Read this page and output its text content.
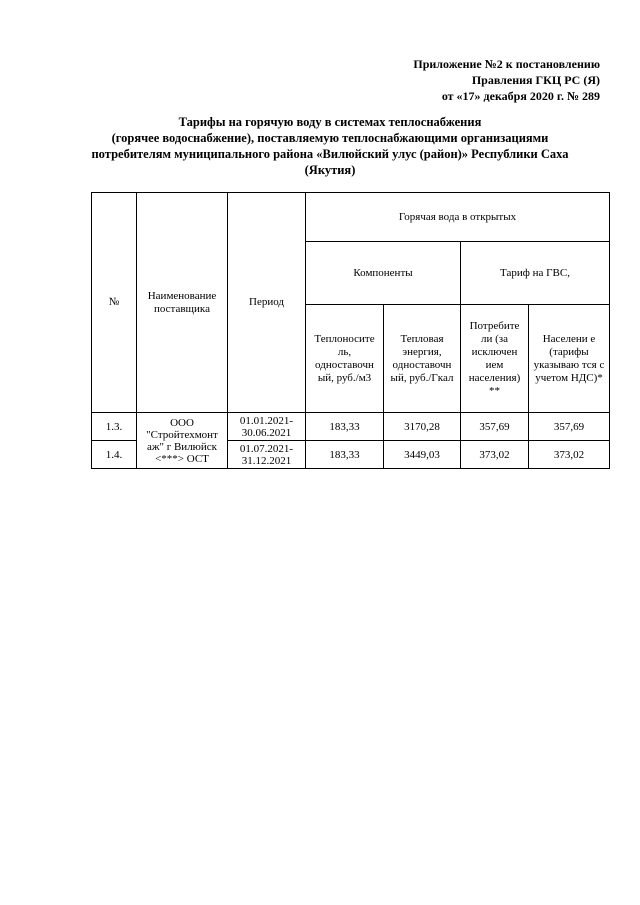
Приложение №2 к постановлению
Правления ГКЦ РС (Я)
от «17» декабря 2020 г. № 289
Тарифы на горячую воду в системах теплоснабжения
(горячее водоснабжение), поставляемую теплоснабжающими организациями
потребителям муниципального района «Вилюйский улус (район)» Республики Саха
(Якутия)
№	Наименование поставщика	Период	Горячая вода в открытых			
			Компоненты		Тариф на ГВС,	
			Теплоносите ль, одноставочн ый, руб./м3	Тепловая энергия, одноставочн ый, руб./Гкал	Потребите ли (за исключен ием населения) **	Населени е (тарифы указываю тся с учетом НДС)*
1.3.	ООО "Стройтехмонт аж" г Вилюйск <***> ОСТ	01.01.2021- 30.06.2021	183,33	3170,28	357,69	357,69
1.4.		01.07.2021- 31.12.2021	183,33	3449,03	373,02	373,02
